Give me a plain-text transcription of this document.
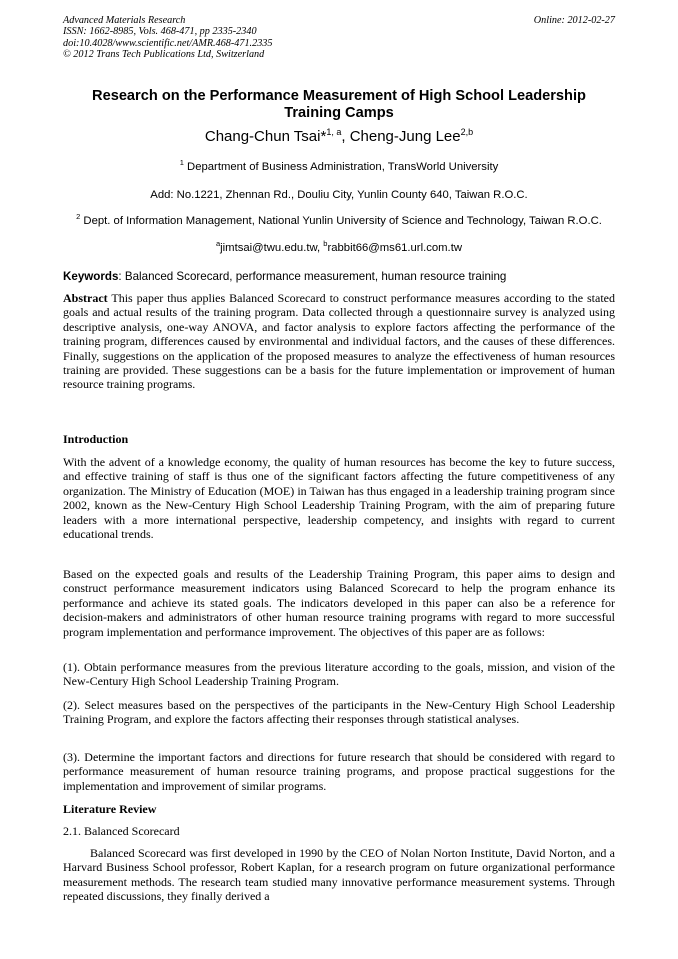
Advanced Materials Research
ISSN: 1662-8985, Vols. 468-471, pp 2335-2340
doi:10.4028/www.scientific.net/AMR.468-471.2335
© 2012 Trans Tech Publications Ltd, Switzerland
Online: 2012-02-27
Research on the Performance Measurement of High School Leadership
Training Camps
Chang-Chun Tsai*$^{1, a}$, Cheng-Jung Lee$^{2,b}$
$^1$ Department of Business Administration, TransWorld University
Add: No.1221, Zhennan Rd., Douliu City, Yunlin County 640, Taiwan R.O.C.
$^2$ Dept. of Information Management, National Yunlin University of Science and Technology, Taiwan R.O.C.
$^a$jimtsai@twu.edu.tw, $^b$rabbit66@ms61.url.com.tw
Keywords: Balanced Scorecard, performance measurement, human resource training
Abstract This paper thus applies Balanced Scorecard to construct performance measures according to the stated goals and actual results of the training program. Data collected through a questionnaire survey is analyzed using descriptive analysis, one-way ANOVA, and factor analysis to explore factors affecting the performance of the training program, differences caused by environmental and individual factors, and the causes of these differences. Finally, suggestions on the application of the proposed measures to analyze the effectiveness of human resources training are provided. These suggestions can be a basis for the future implementation or improvement of human resource training programs.
Introduction
With the advent of a knowledge economy, the quality of human resources has become the key to future success, and effective training of staff is thus one of the significant factors affecting the future competitiveness of any organization. The Ministry of Education (MOE) in Taiwan has thus engaged in a leadership training program since 2002, known as the New-Century High School Leadership Training Program, with the aim of preparing future leaders with a more international perspective, leadership competency, and insights with regard to current educational trends.
Based on the expected goals and results of the Leadership Training Program, this paper aims to design and construct performance measurement indicators using Balanced Scorecard to help the program enhance its performance and achieve its stated goals. The indicators developed in this paper can also be a reference for decision-makers and administrators of other human resource training programs with regard to more successful program implementation and performance improvement. The objectives of this paper are as follows:
(1). Obtain performance measures from the previous literature according to the goals, mission, and vision of the New-Century High School Leadership Training Program.
(2). Select measures based on the perspectives of the participants in the New-Century High School Leadership Training Program, and explore the factors affecting their responses through statistical analyses.
(3). Determine the important factors and directions for future research that should be considered with regard to performance measurement of human resource training programs, and propose practical suggestions for the implementation and improvement of similar programs.
Literature Review
2.1. Balanced Scorecard
Balanced Scorecard was first developed in 1990 by the CEO of Nolan Norton Institute, David Norton, and a Harvard Business School professor, Robert Kaplan, for a research program on future organizational performance measurement methods. The research team studied many innovative performance measurement systems. Through repeated discussions, they finally derived a
